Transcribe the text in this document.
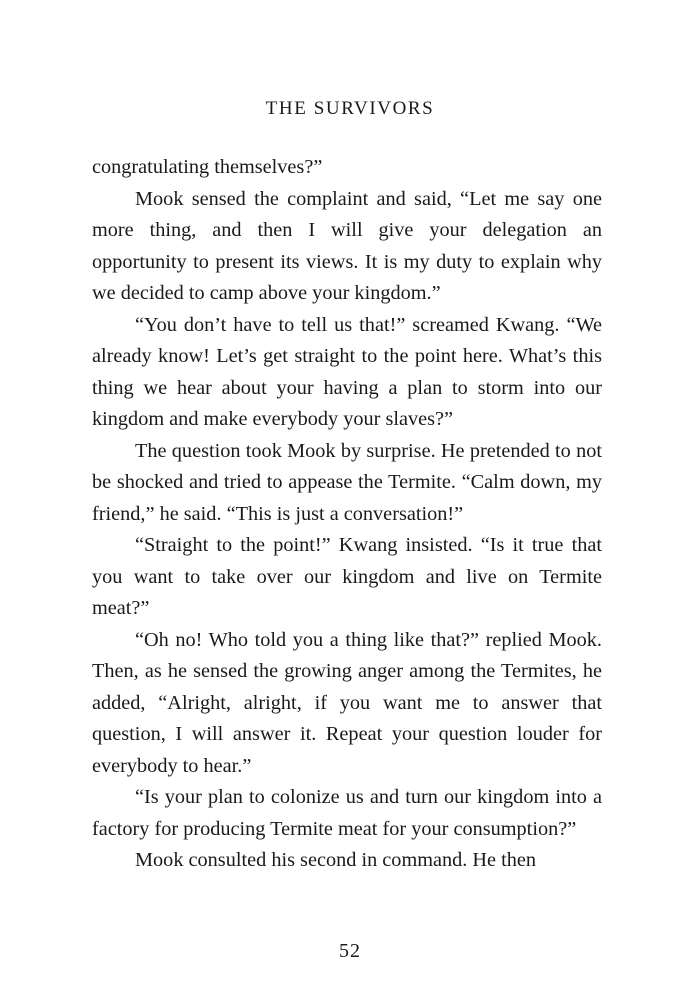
THE SURVIVORS

congratulating themselves?”

Mook sensed the complaint and said, “Let me say one more thing, and then I will give your delegation an opportunity to present its views. It is my duty to explain why we decided to camp above your kingdom.”

“You don’t have to tell us that!” screamed Kwang. “We already know! Let’s get straight to the point here. What’s this thing we hear about your having a plan to storm into our kingdom and make everybody your slaves?”

The question took Mook by surprise. He pretended to not be shocked and tried to appease the Termite. “Calm down, my friend,” he said. “This is just a conversation!”

“Straight to the point!” Kwang insisted. “Is it true that you want to take over our kingdom and live on Termite meat?”

“Oh no! Who told you a thing like that?” replied Mook. Then, as he sensed the growing anger among the Termites, he added, “Alright, alright, if you want me to answer that question, I will answer it. Repeat your question louder for everybody to hear.”

“Is your plan to colonize us and turn our kingdom into a factory for producing Termite meat for your consumption?”

Mook consulted his second in command. He then

52
